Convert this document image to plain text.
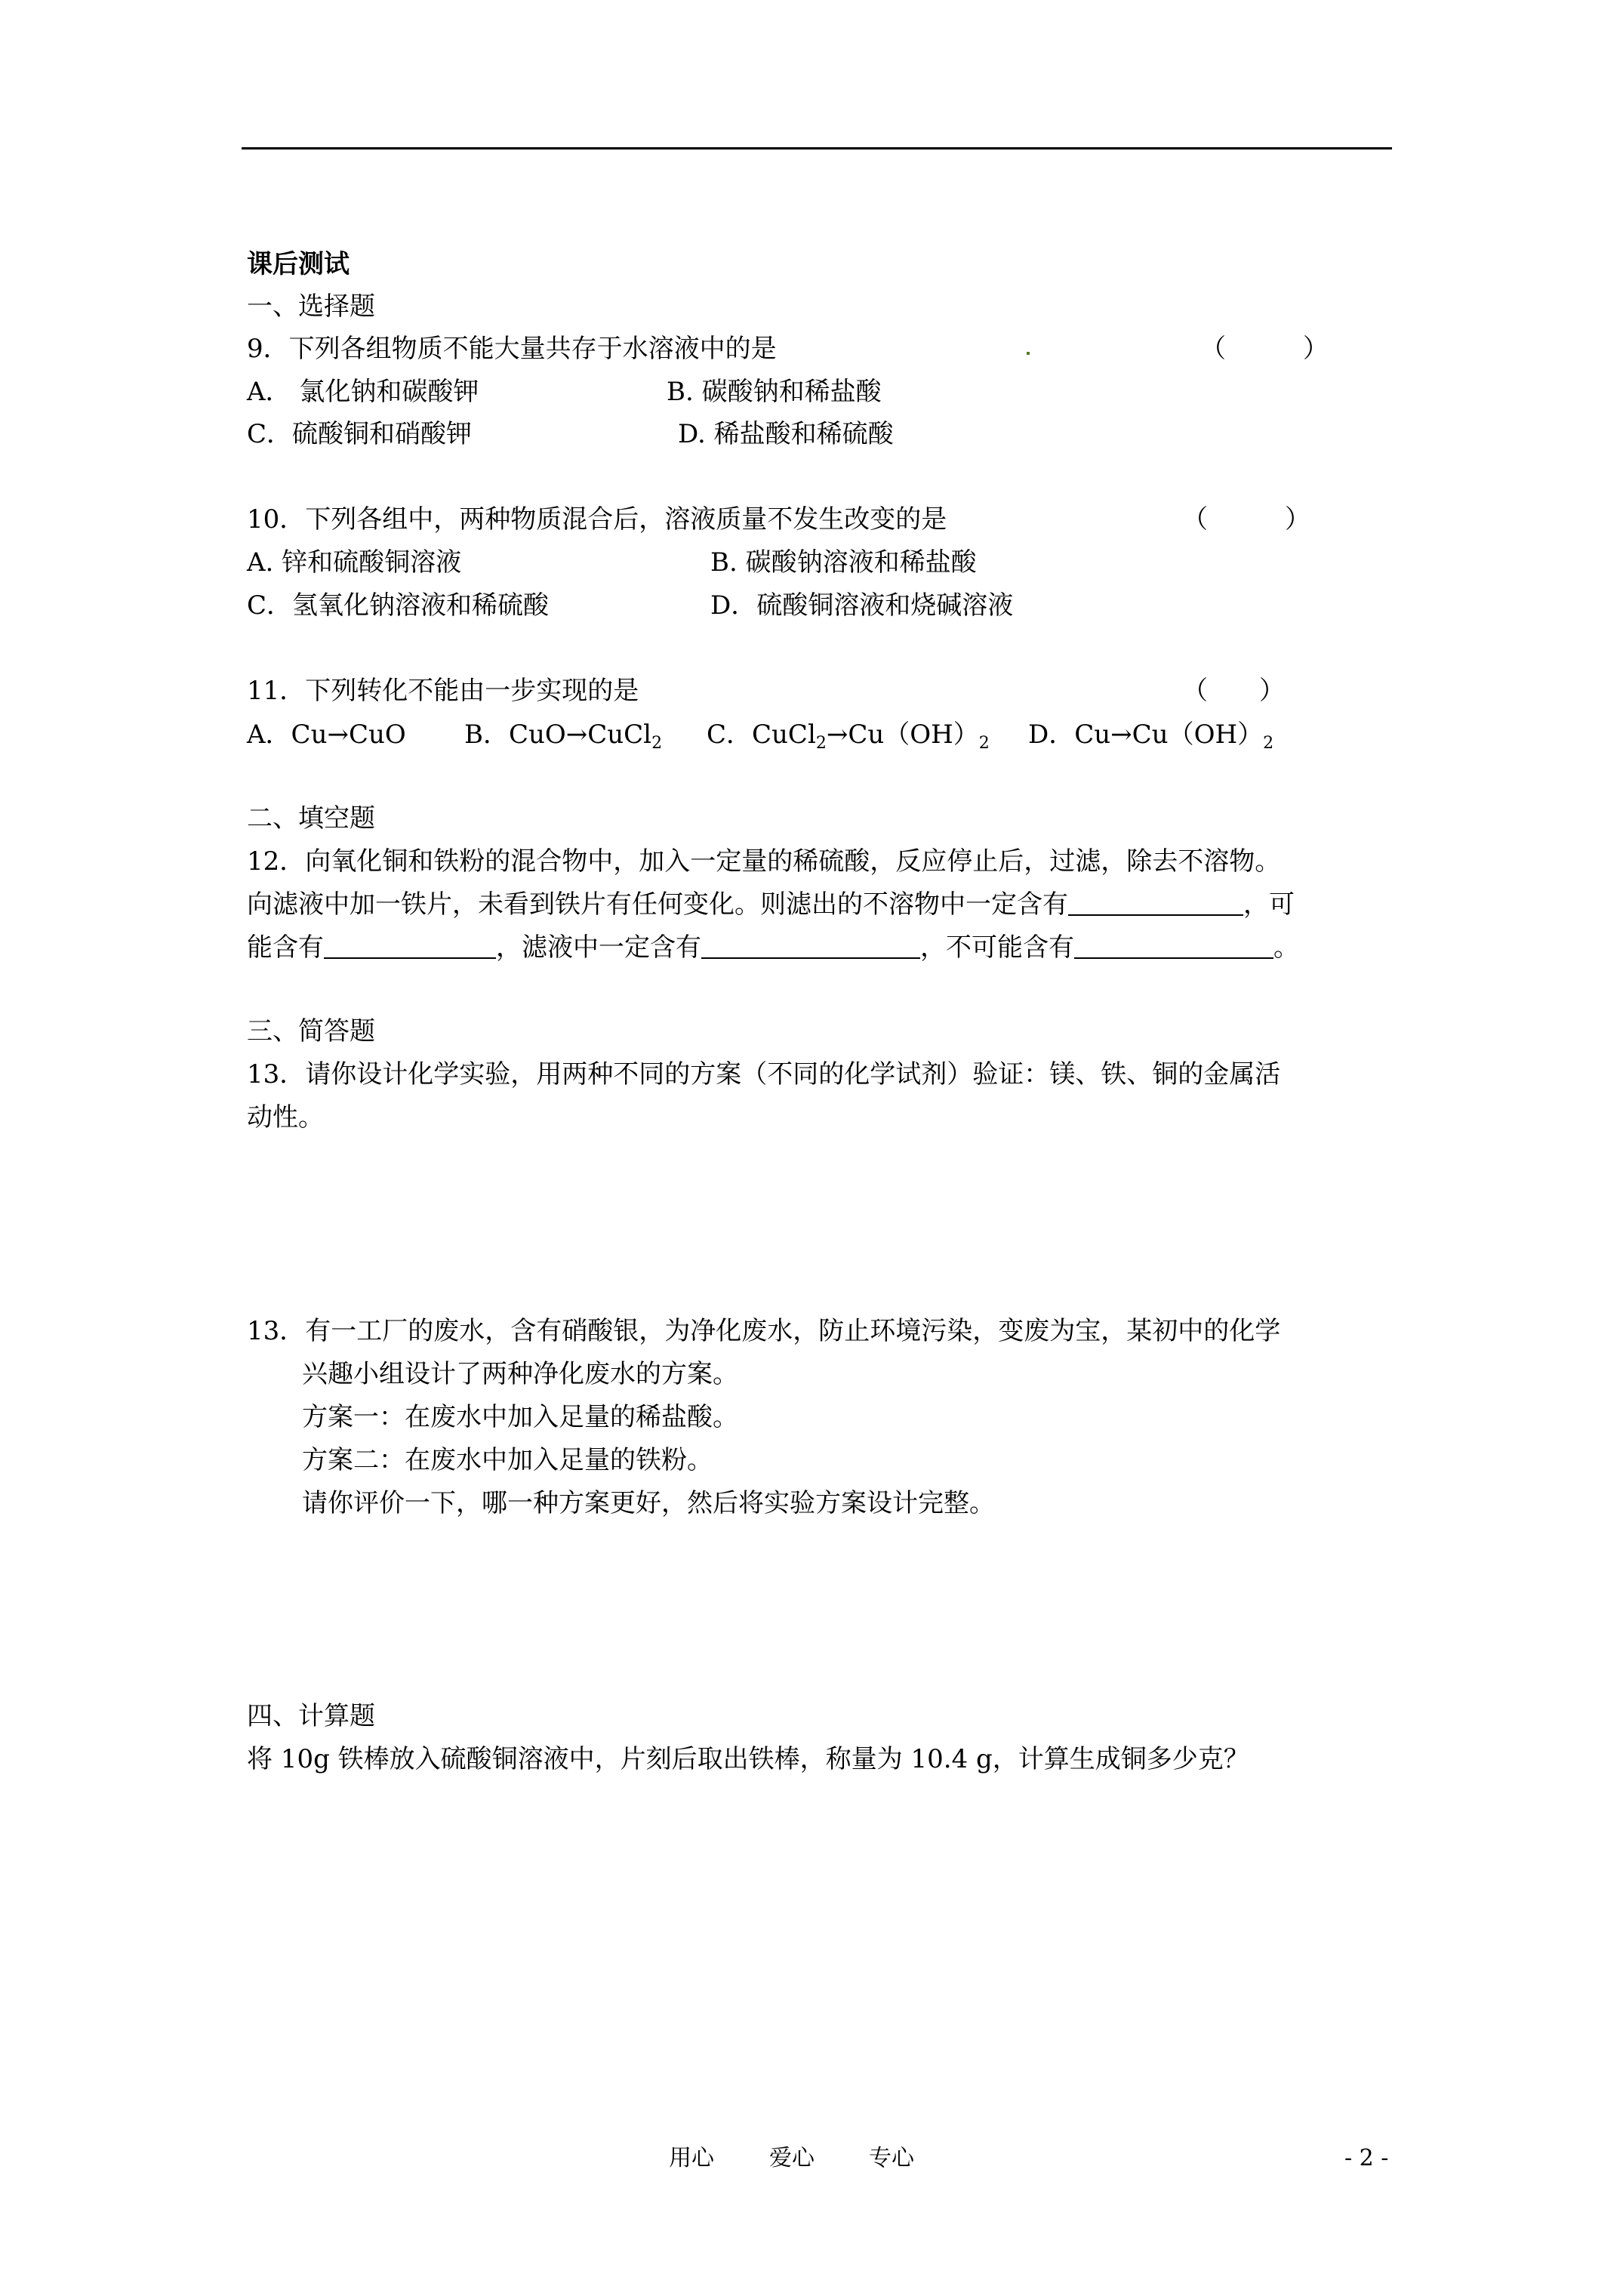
课后测试
一、选择题
9．下列各组物质不能大量共存于水溶液中的是	（　　　）
A． 氯化钠和碳酸钾	B. 碳酸钠和稀盐酸
C．硫酸铜和硝酸钾	D. 稀盐酸和稀硫酸
10．下列各组中，两种物质混合后，溶液质量不发生改变的是	（　　　）
A. 锌和硫酸铜溶液	B. 碳酸钠溶液和稀盐酸
C．氢氧化钠溶液和稀硫酸	D．硫酸铜溶液和烧碱溶液
11．下列转化不能由一步实现的是	（　　）
A．Cu→CuO B．CuO→CuCl$_2$ C．$CuCl_2\to Cu(OH)_2$ D．$Cu\to Cu(OH)_2$
二、填空题
12．向氧化铜和铁粉的混合物中，加入一定量的稀硫酸，反应停止后，过滤，除去不溶物。
向滤液中加一铁片，未看到铁片有任何变化。则滤出的不溶物中一定含有	，可
能含有	，滤液中一定含有	，不可能含有	。
三、简答题
13．请你设计化学实验，用两种不同的方案（不同的化学试剂）验证：镁、铁、铜的金属活
动性。
13．有一工厂的废水，含有硝酸银，为净化废水，防止环境污染，变废为宝，某初中的化学
兴趣小组设计了两种净化废水的方案。
方案一：在废水中加入足量的稀盐酸。
方案二：在废水中加入足量的铁粉。
请你评价一下，哪一种方案更好，然后将实验方案设计完整。
四、计算题
将 10g 铁棒放入硫酸铜溶液中，片刻后取出铁棒，称量为 10.4 g，计算生成铜多少克？
用心 爱心 专心	- 2 -
